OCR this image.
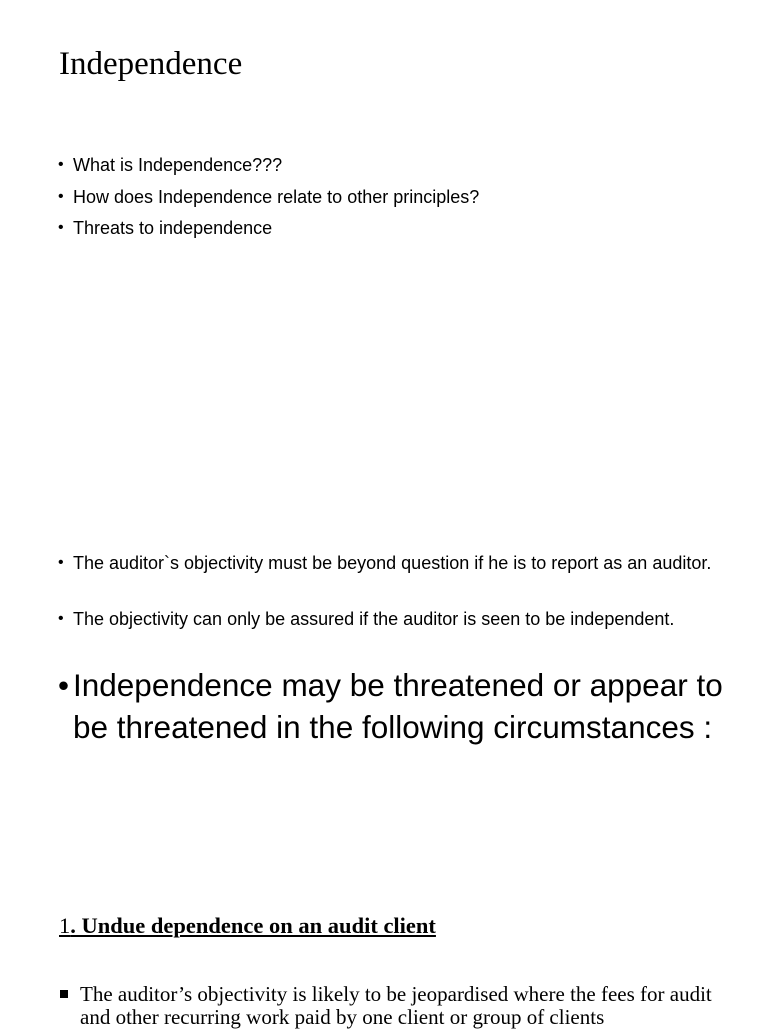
Independence
• What is Independence???
• How does Independence relate to other principles?
• Threats to independence
• The auditor`s objectivity must be beyond question if he is to report as an auditor.
• The objectivity can only be assured if the auditor is seen to be independent.
• Independence may be threatened or appear to be threatened in the following circumstances :
1. Undue dependence on an audit client
The auditor’s objectivity is likely to be jeopardised where the fees for audit and other recurring work paid by one client or group of clients
